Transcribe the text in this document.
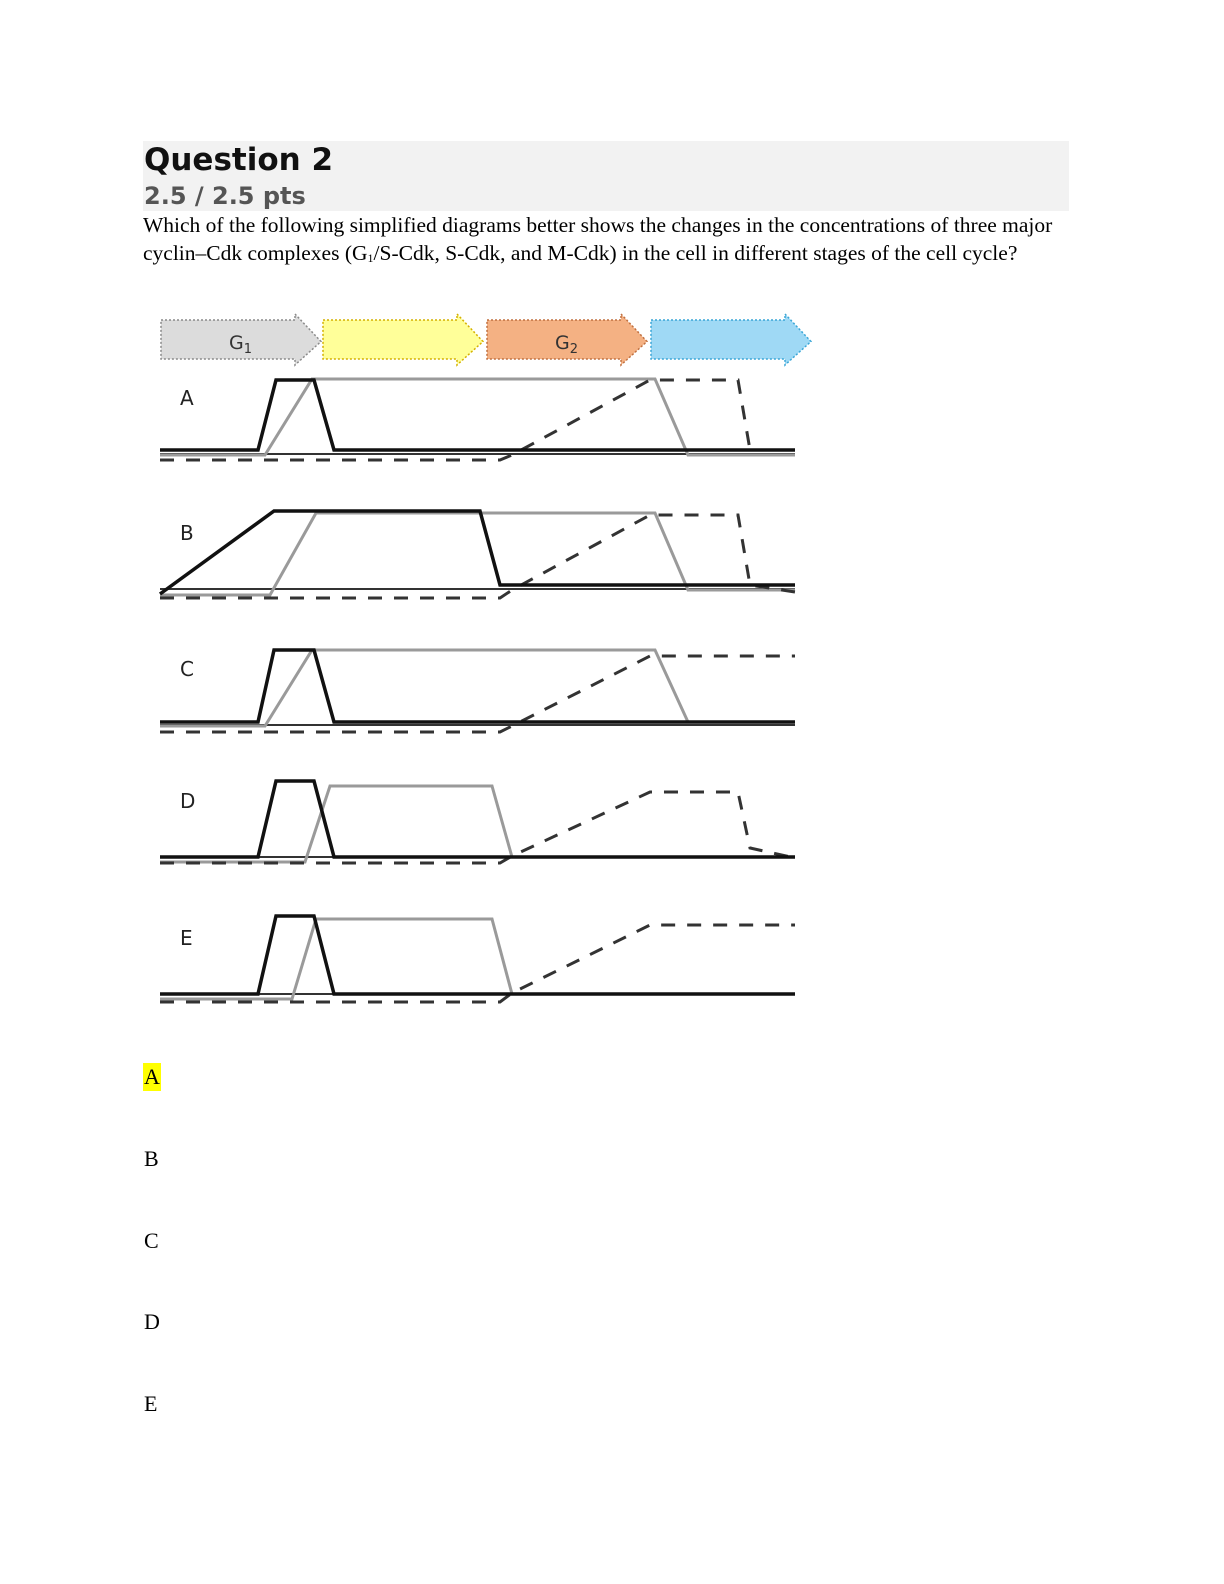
Question 2
2.5 / 2.5 pts
Which of the following simplified diagrams better shows the changes in the concentrations of three major cyclin–Cdk complexes (G1/S-Cdk, S-Cdk, and M-Cdk) in the cell in different stages of the cell cycle?
$G_1$	$G_2$
A
B
C
D
E
A
B
C
D
E
